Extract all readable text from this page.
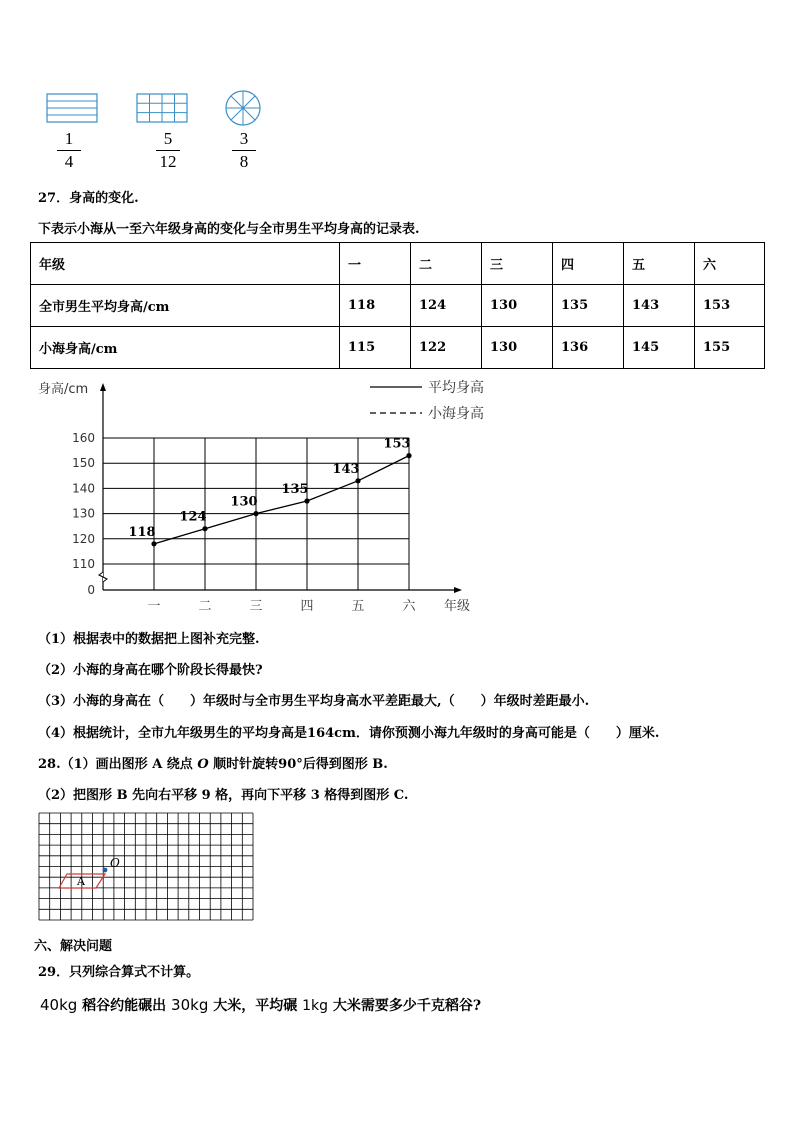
1
4
5
12
3
8
27．身高的变化.
下表示小海从一至六年级身高的变化与全市男生平均身高的记录表.
年级	一	二	三	四	五	六
全市男生平均身高/cm	118	124	130	135	143	153
小海身高/cm	115	122	130	136	145	155
160
150
140
130
120
110
0
一	二	三	四	五	六 年级
身高/cm
118
124
130
135
143
153
平均身高
小海身高
（1）根据表中的数据把上图补充完整.
（2）小海的身高在哪个阶段长得最快?
（3）小海的身高在（　　）年级时与全市男生平均身高水平差距最大,（　　）年级时差距最小.
（4）根据统计，全市九年级男生的平均身高是164cm．请你预测小海九年级时的身高可能是（　　）厘米.
28.（1）画出图形 A 绕点 O 顺时针旋转90°后得到图形 B.
（2）把图形 B 先向右平移 9 格，再向下平移 3 格得到图形 C.
A
O
六、解决问题
29．只列综合算式不计算。
40kg 稻谷约能碾出 30kg 大米，平均碾 1kg 大米需要多少千克稻谷?
